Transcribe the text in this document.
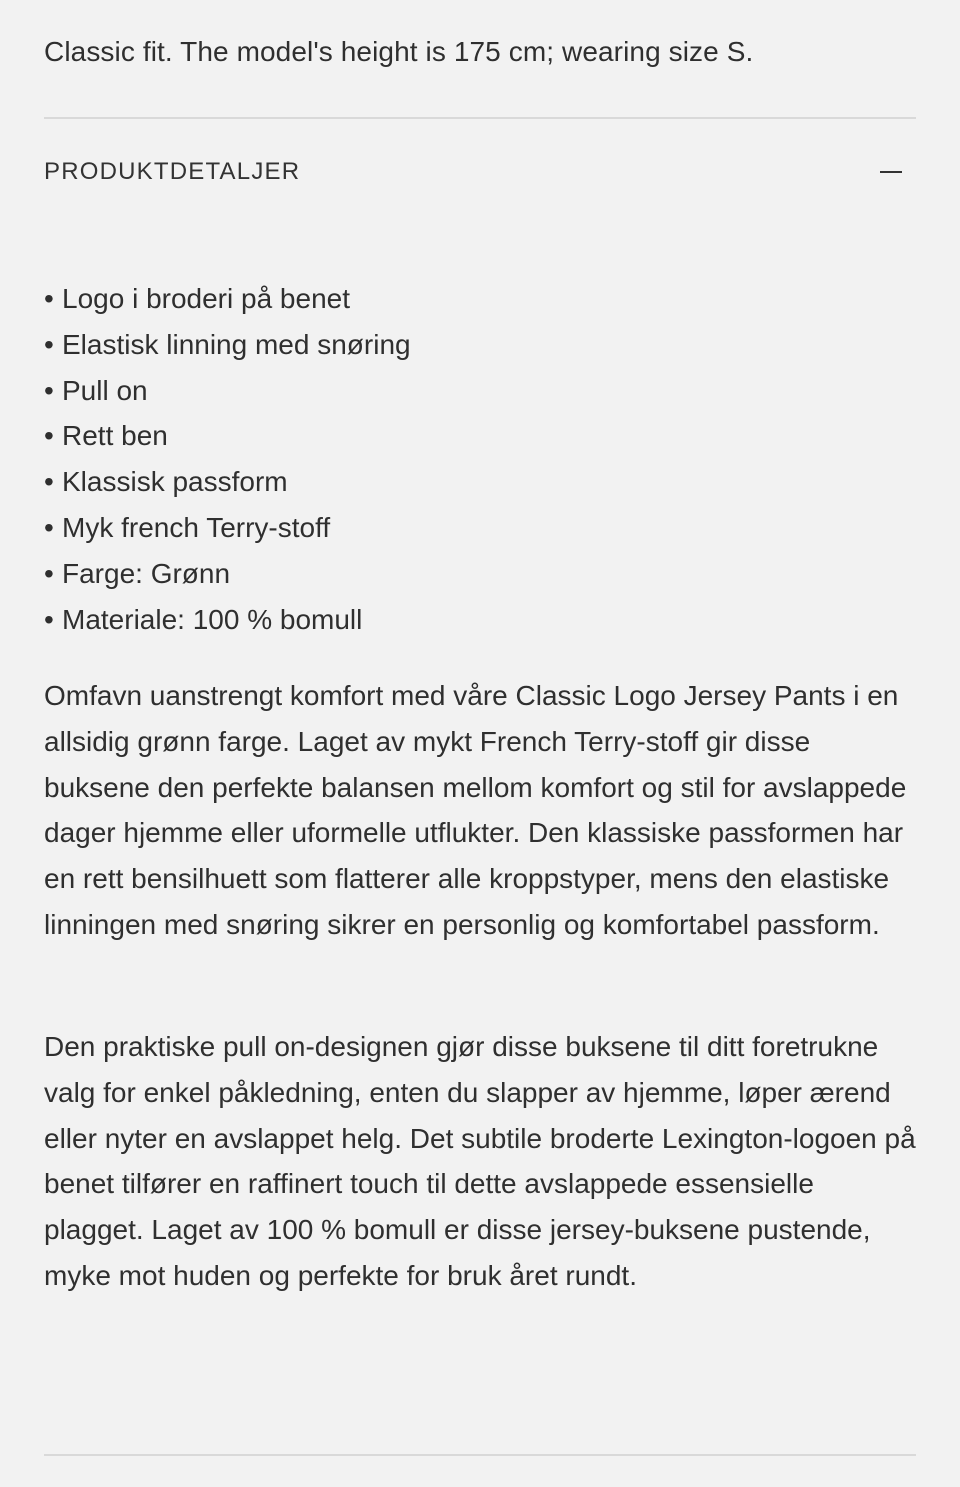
Classic fit. The model's height is 175 cm; wearing size S.

PRODUKTDETALJER
• Logo i broderi på benet
• Elastisk linning med snøring
• Pull on
• Rett ben
• Klassisk passform
• Myk french Terry-stoff
• Farge: Grønn
• Materiale: 100 % bomull

Omfavn uanstrengt komfort med våre Classic Logo Jersey Pants i en allsidig grønn farge. Laget av mykt French Terry-stoff gir disse buksene den perfekte balansen mellom komfort og stil for avslappede dager hjemme eller uformelle utflukter. Den klassiske passformen har en rett bensilhuett som flatterer alle kroppstyper, mens den elastiske linningen med snøring sikrer en personlig og komfortabel passform.

Den praktiske pull on-designen gjør disse buksene til ditt foretrukne valg for enkel påkledning, enten du slapper av hjemme, løper ærend eller nyter en avslappet helg. Det subtile broderte Lexington-logoen på benet tilfører en raffinert touch til dette avslappede essensielle plagget. Laget av 100 % bomull er disse jersey-buksene pustende, myke mot huden og perfekte for bruk året rundt.
